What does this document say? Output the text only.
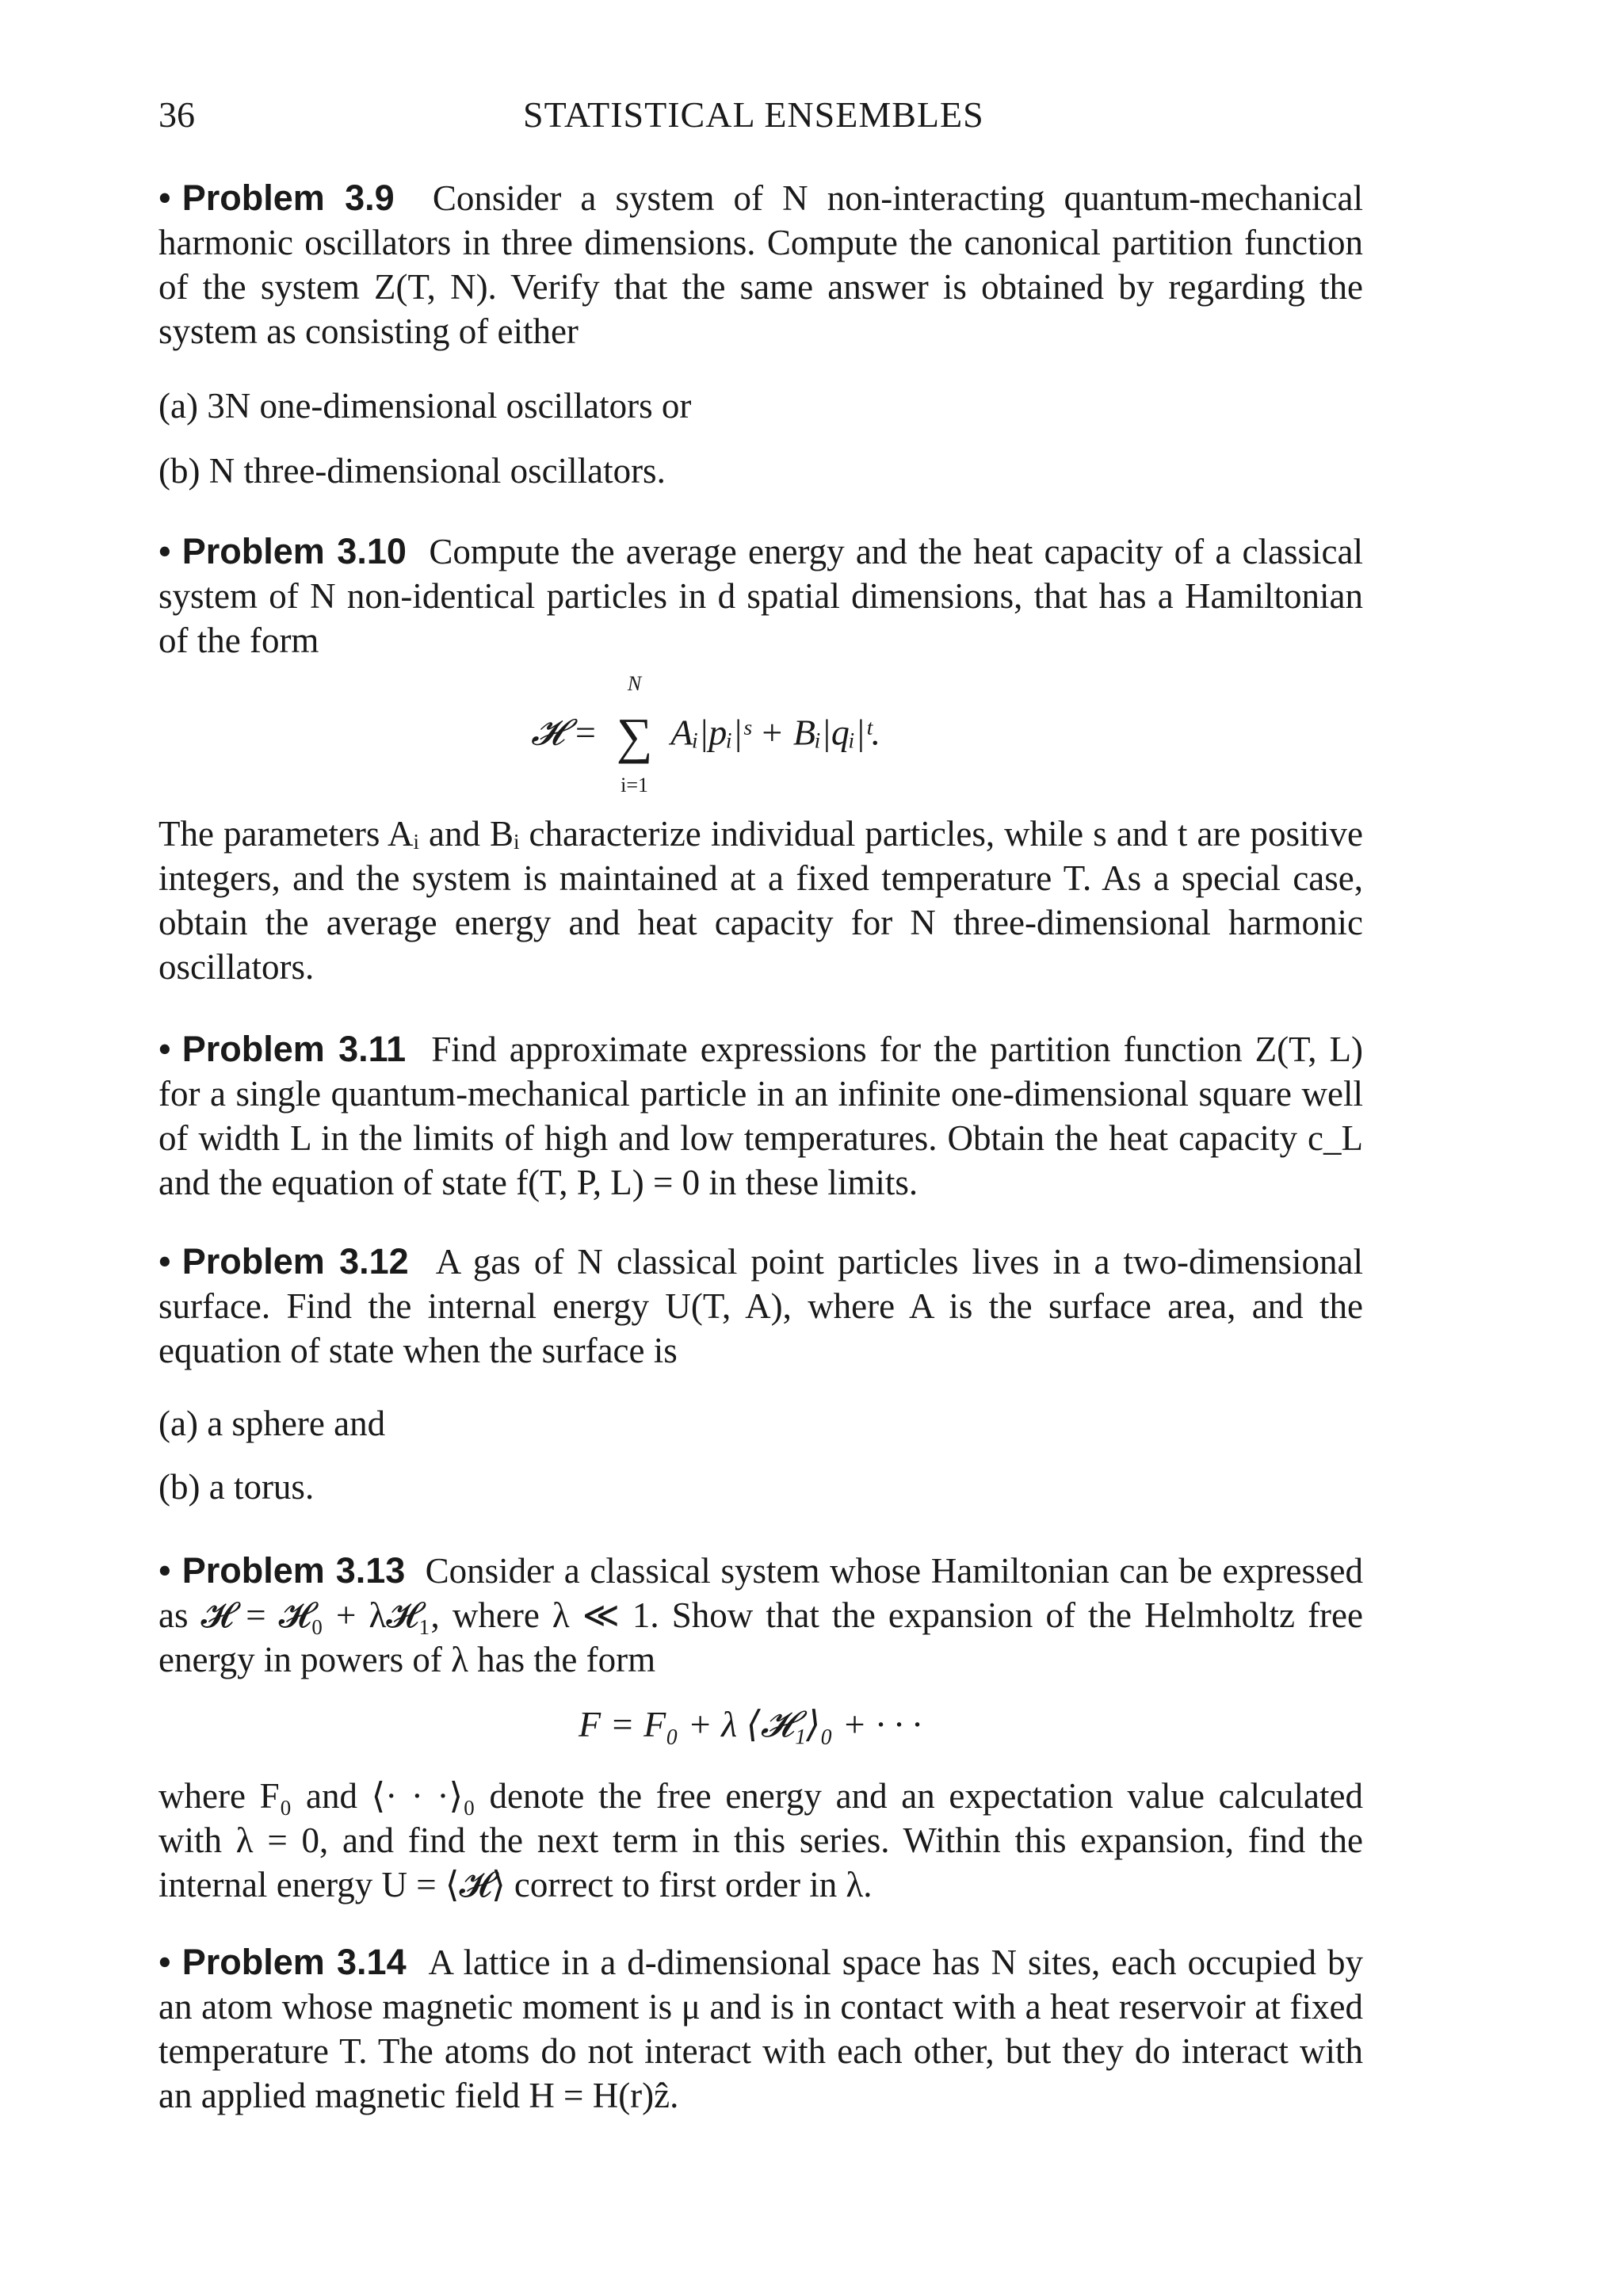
36	STATISTICAL ENSEMBLES

• Problem 3.9 Consider a system of N non-interacting quantum-mechanical harmonic oscillators in three dimensions. Compute the canonical partition function of the system Z(T, N). Verify that the same answer is obtained by regarding the system as consisting of either

(a) 3N one-dimensional oscillators or
(b) N three-dimensional oscillators.

• Problem 3.10 Compute the average energy and the heat capacity of a classical system of N non-identical particles in d spatial dimensions, that has a Hamiltonian of the form

𝓗 =
N
∑
i=1
Aᵢ|pᵢ|ˢ + Bᵢ|qᵢ|ᵗ.

The parameters Aᵢ and Bᵢ characterize individual particles, while s and t are positive integers, and the system is maintained at a fixed temperature T. As a special case, obtain the average energy and heat capacity for N three-dimensional harmonic oscillators.

• Problem 3.11 Find approximate expressions for the partition function Z(T, L) for a single quantum-mechanical particle in an infinite one-dimensional square well of width L in the limits of high and low temperatures. Obtain the heat capacity c_L and the equation of state f(T, P, L) = 0 in these limits.

• Problem 3.12 A gas of N classical point particles lives in a two-dimensional surface. Find the internal energy U(T, A), where A is the surface area, and the equation of state when the surface is

(a) a sphere and
(b) a torus.

• Problem 3.13 Consider a classical system whose Hamiltonian can be expressed as 𝓗 = 𝓗₀ + λ𝓗₁, where λ ≪ 1. Show that the expansion of the Helmholtz free energy in powers of λ has the form

F = F₀ + λ ⟨𝓗₁⟩₀ + · · ·

where F₀ and ⟨· · ·⟩₀ denote the free energy and an expectation value calculated with λ = 0, and find the next term in this series. Within this expansion, find the internal energy U = ⟨𝓗⟩ correct to first order in λ.

• Problem 3.14 A lattice in a d-dimensional space has N sites, each occupied by an atom whose magnetic moment is μ and is in contact with a heat reservoir at fixed temperature T. The atoms do not interact with each other, but they do interact with an applied magnetic field H = H(r)ẑ.
